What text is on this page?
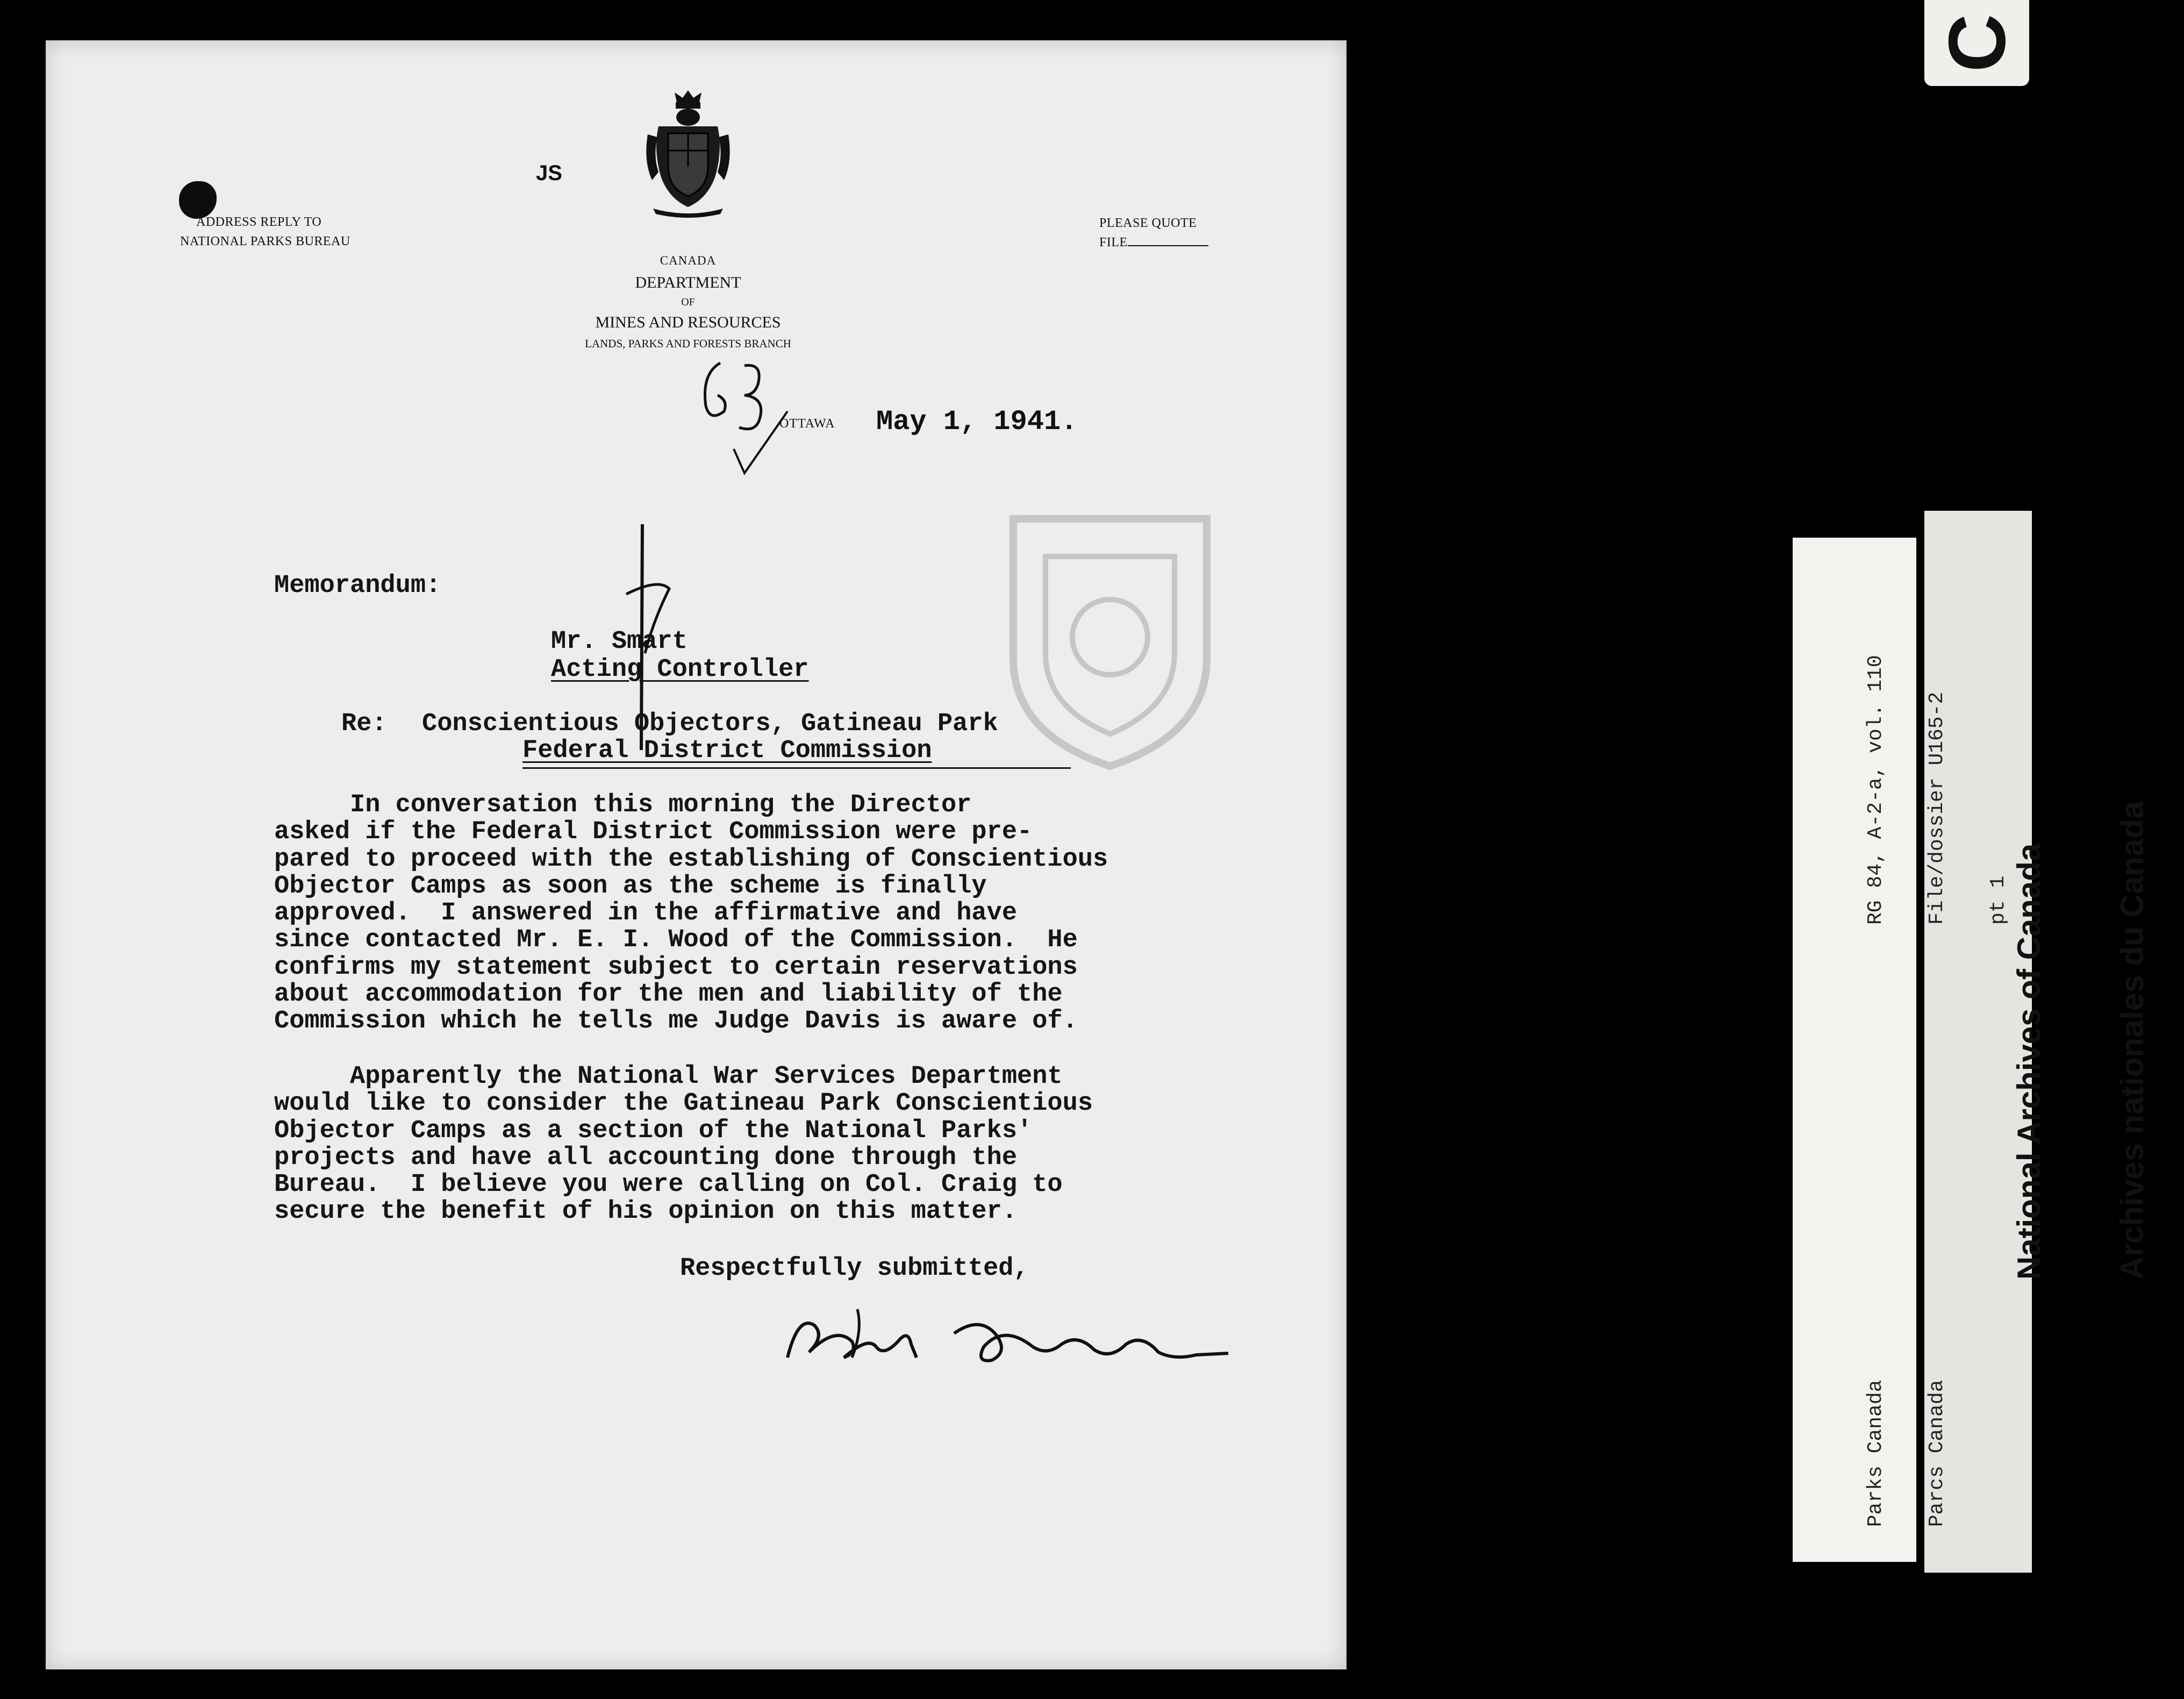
ADDRESS REPLY TO
NATIONAL PARKS BUREAU
JS
CANADA
DEPARTMENT
OF
MINES AND RESOURCES
LANDS, PARKS AND FORESTS BRANCH
PLEASE QUOTE
FILE
OTTAWA May 1, 1941.
Memorandum:
Mr. Smart
Acting Controller
Re: Conscientious Objectors, Gatineau Park
Federal District Commission
In conversation this morning the Director
asked if the Federal District Commission were pre-
pared to proceed with the establishing of Conscientious
Objector Camps as soon as the scheme is finally
approved.  I answered in the affirmative and have
since contacted Mr. E. I. Wood of the Commission.  He
confirms my statement subject to certain reservations
about accommodation for the men and liability of the
Commission which he tells me Judge Davis is aware of.
Apparently the National War Services Department
would like to consider the Gatineau Park Conscientious
Objector Camps as a section of the National Parks'
projects and have all accounting done through the
Bureau.  I believe you were calling on Col. Craig to
secure the benefit of his opinion on this matter.
Respectfully submitted,
C

RG 84, A-2-a, vol. 110

File/dossier U165-2

pt 1

Parks Canada

Parcs Canada

National Archives of Canada

Archives nationales du Canada
